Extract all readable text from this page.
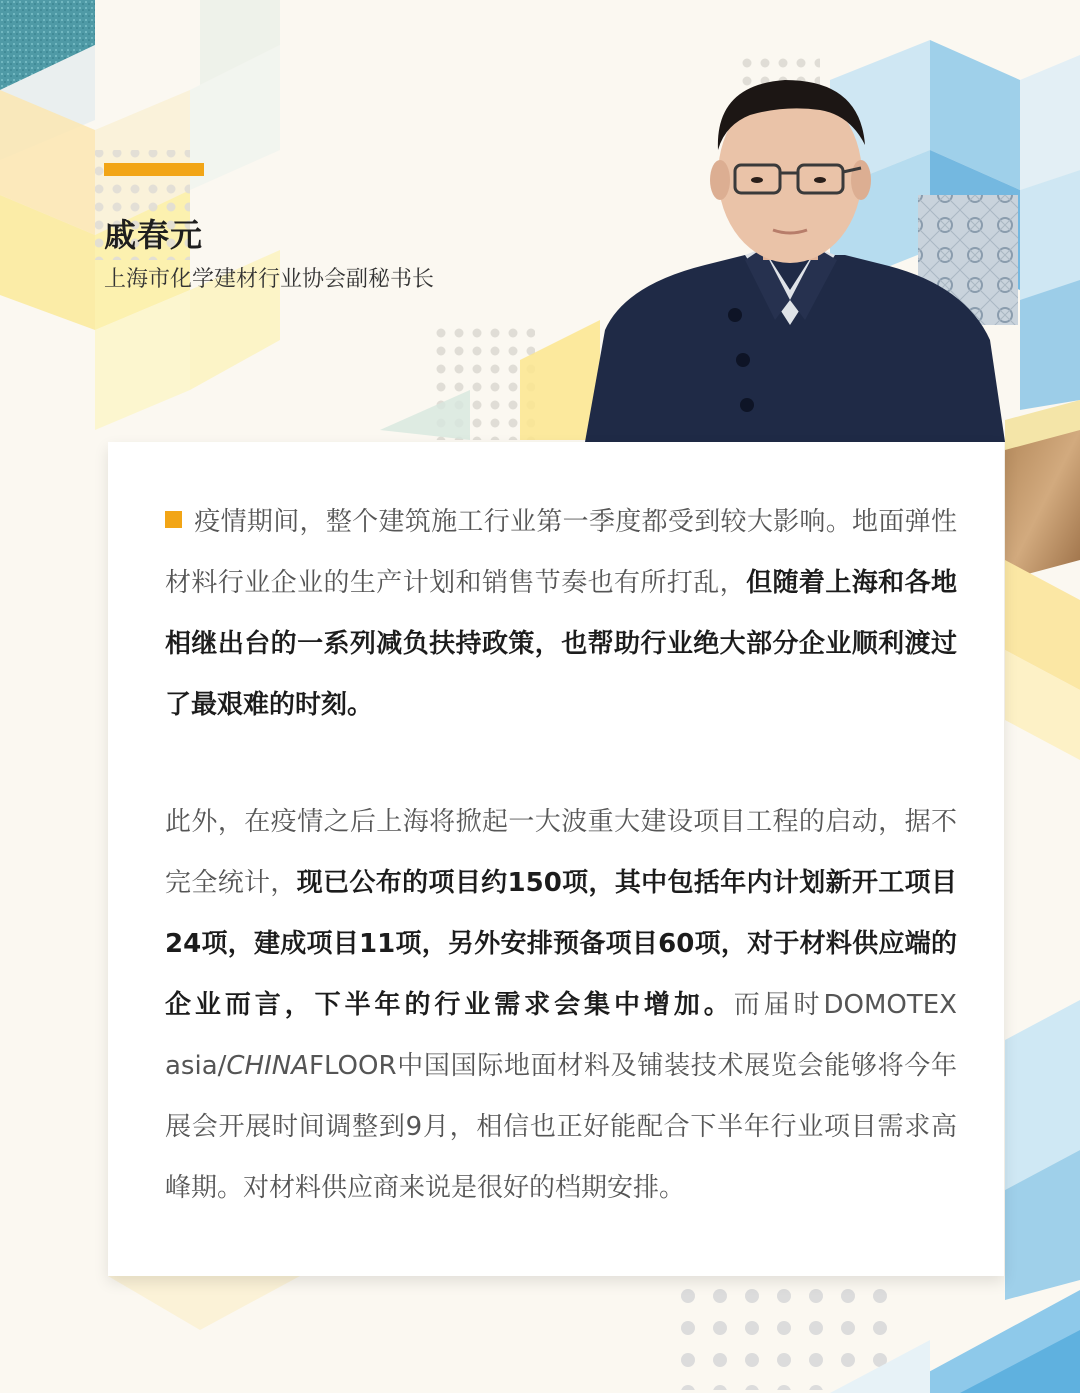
戚春元
上海市化学建材行业协会副秘书长

疫情期间，整个建筑施工行业第一季度都受到较大影响。地面弹性材料行业企业的生产计划和销售节奏也有所打乱，但随着上海和各地相继出台的一系列减负扶持政策，也帮助行业绝大部分企业顺利渡过了最艰难的时刻。

此外，在疫情之后上海将掀起一大波重大建设项目工程的启动，据不完全统计，现已公布的项目约150项，其中包括年内计划新开工项目24项，建成项目11项，另外安排预备项目60项，对于材料供应端的企业而言，下半年的行业需求会集中增加。而届时DOMOTEX asia/CHINAFLOOR中国国际地面材料及铺装技术展览会能够将今年展会开展时间调整到9月，相信也正好能配合下半年行业项目需求高峰期。对材料供应商来说是很好的档期安排。
